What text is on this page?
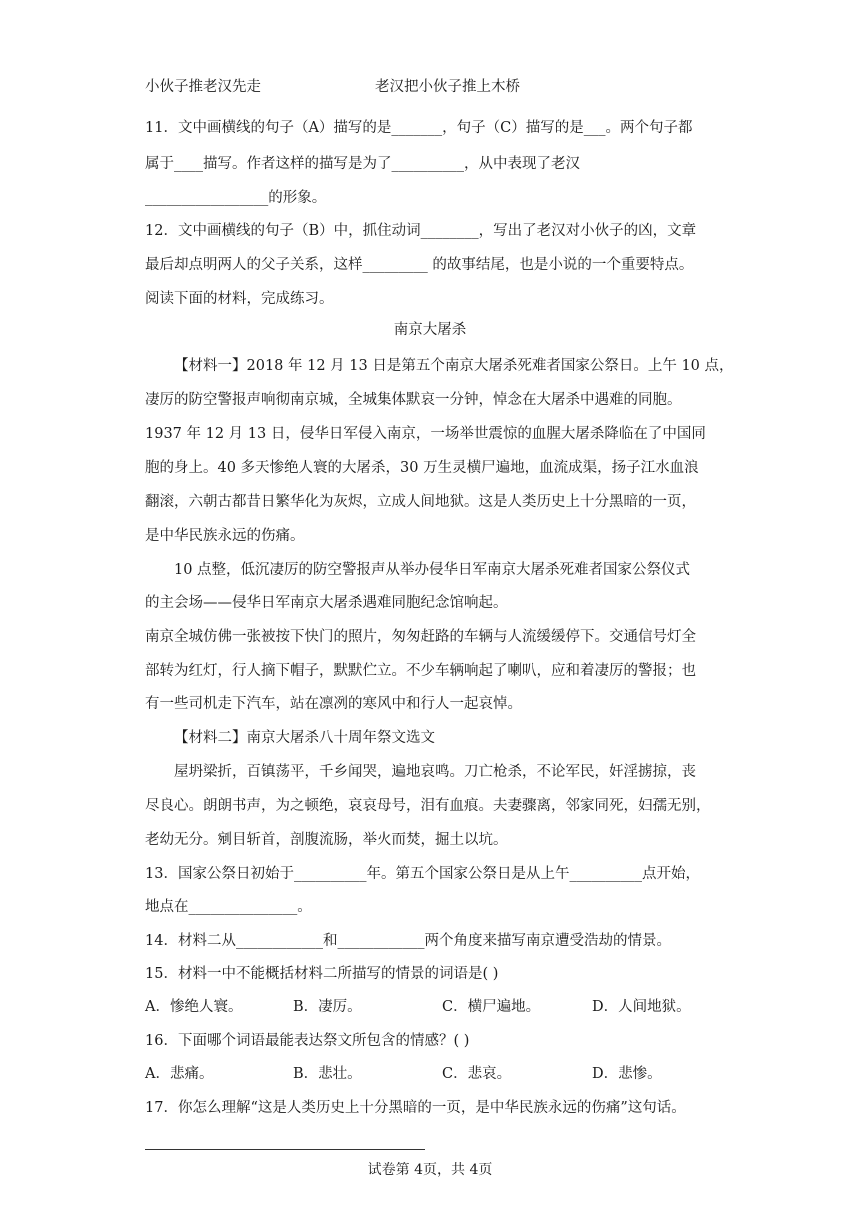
小伙子推老汉先走	老汉把小伙子推上木桥
11．文中画横线的句子（A）描写的是_______，句子（C）描写的是___。两个句子都
属于____描写。作者这样的描写是为了__________，从中表现了老汉
_________________的形象。
12．文中画横线的句子（B）中，抓住动词________，写出了老汉对小伙子的凶，文章
最后却点明两人的父子关系，这样_________ 的故事结尾，也是小说的一个重要特点。
阅读下面的材料，完成练习。
南京大屠杀
【材料一】2018 年 12 月 13 日是第五个南京大屠杀死难者国家公祭日。上午 10 点，
凄厉的防空警报声响彻南京城，全城集体默哀一分钟，悼念在大屠杀中遇难的同胞。
1937 年 12 月 13 日，侵华日军侵入南京，一场举世震惊的血腥大屠杀降临在了中国同
胞的身上。40 多天惨绝人寰的大屠杀，30 万生灵横尸遍地，血流成渠，扬子江水血浪
翻滚，六朝古都昔日繁华化为灰烬，立成人间地狱。这是人类历史上十分黑暗的一页，
是中华民族永远的伤痛。
10 点整，低沉凄厉的防空警报声从举办侵华日军南京大屠杀死难者国家公祭仪式
的主会场——侵华日军南京大屠杀遇难同胞纪念馆响起。
南京全城仿佛一张被按下快门的照片，匆匆赶路的车辆与人流缓缓停下。交通信号灯全
部转为红灯，行人摘下帽子，默默伫立。不少车辆响起了喇叭，应和着凄厉的警报；也
有一些司机走下汽车，站在凛冽的寒风中和行人一起哀悼。
【材料二】南京大屠杀八十周年祭文选文
屋坍梁折，百镇荡平，千乡闻哭，遍地哀鸣。刀亡枪杀，不论军民，奸淫掳掠，丧
尽良心。朗朗书声，为之顿绝，哀哀母号，泪有血痕。夫妻骤离，邻家同死，妇孺无别，
老幼无分。剜目斩首，剖腹流肠，举火而焚，掘土以坑。
13．国家公祭日初始于__________年。第五个国家公祭日是从上午__________点开始，
地点在_______________。
14．材料二从____________和____________两个角度来描写南京遭受浩劫的情景。
15．材料一中不能概括材料二所描写的情景的词语是( )
A．惨绝人寰。	B．凄厉。	C．横尸遍地。	D．人间地狱。
16．下面哪个词语最能表达祭文所包含的情感？( )
A．悲痛。	B．悲壮。	C．悲哀。	D．悲惨。
17．你怎么理解“这是人类历史上十分黑暗的一页，是中华民族永远的伤痛”这句话。
试卷第 4页，共 4页
